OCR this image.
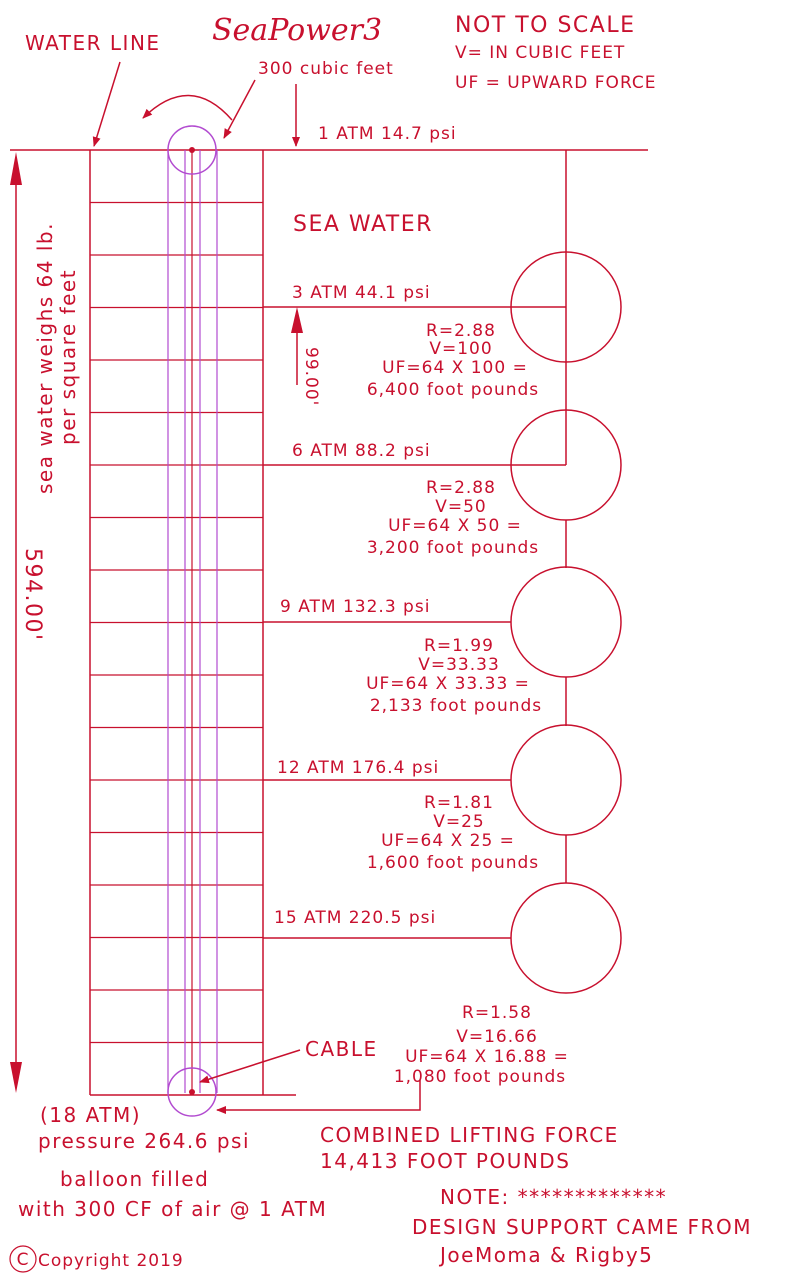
SeaPower3	NOT TO SCALE
V= IN CUBIC FEET
UF = UPWARD FORCE
WATER LINE
300 cubic feet
1 ATM 14.7 psi
SEA WATER
sea water weighs 64 lb. per square feet
594.00'
99.00'
3 ATM 44.1 psi
R=2.88
V=100
UF=64 X 100 =
6,400 foot pounds
6 ATM 88.2 psi
R=2.88
V=50
UF=64 X 50 =
3,200 foot pounds
9 ATM 132.3 psi
R=1.99
V=33.33
UF=64 X 33.33 =
2,133 foot pounds
12 ATM 176.4 psi
R=1.81
V=25
UF=64 X 25 =
1,600 foot pounds
15 ATM 220.5 psi
R=1.58
V=16.66
UF=64 X 16.88 =
1,080 foot pounds
CABLE
(18 ATM)
pressure 264.6 psi
balloon filled
with 300 CF of air @ 1 ATM
COMBINED LIFTING FORCE
14,413 FOOT POUNDS
NOTE: *************
DESIGN SUPPORT CAME FROM
JoeMoma & Rigby5
C Copyright 2019
